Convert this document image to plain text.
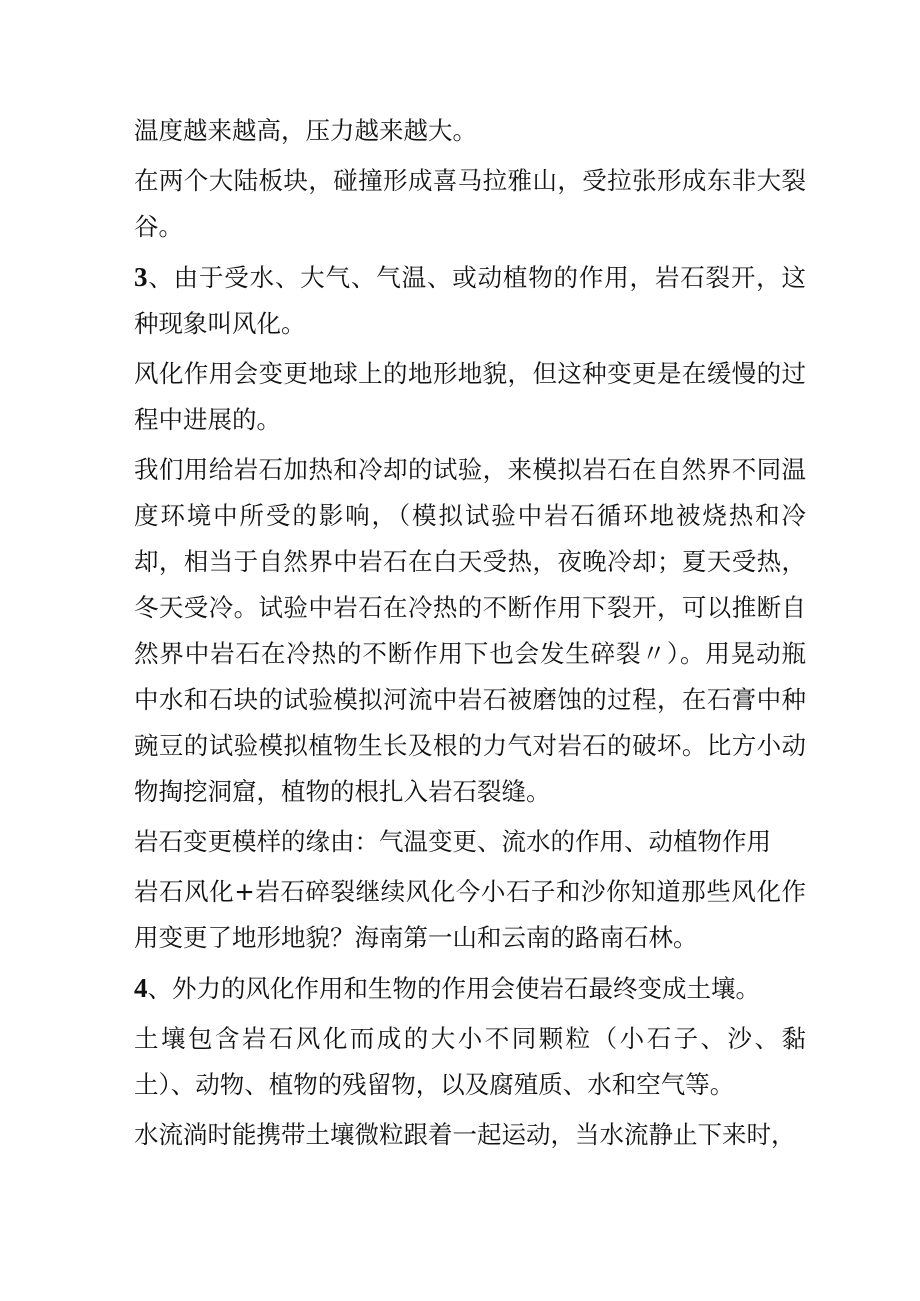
温度越来越高，压力越来越大。

在两个大陆板块，碰撞形成喜马拉雅山，受拉张形成东非大裂谷。

3、由于受水、大气、气温、或动植物的作用，岩石裂开，这种现象叫风化。

风化作用会变更地球上的地形地貌，但这种变更是在缓慢的过程中进展的。

我们用给岩石加热和冷却的试验，来模拟岩石在自然界不同温度环境中所受的影响，（模拟试验中岩石循环地被烧热和冷却，相当于自然界中岩石在白天受热，夜晚冷却；夏天受热，冬天受冷。试验中岩石在冷热的不断作用下裂开，可以推断自然界中岩石在冷热的不断作用下也会发生碎裂〃）。用晃动瓶中水和石块的试验模拟河流中岩石被磨蚀的过程，在石膏中种豌豆的试验模拟植物生长及根的力气对岩石的破坏。比方小动物掏挖洞窟，植物的根扎入岩石裂缝。

岩石变更模样的缘由：气温变更、流水的作用、动植物作用

岩石风化+岩石碎裂继续风化今小石子和沙你知道那些风化作用变更了地形地貌？海南第一山和云南的路南石林。

4、外力的风化作用和生物的作用会使岩石最终变成土壤。

土壤包含岩石风化而成的大小不同颗粒（小石子、沙、黏土）、动物、植物的残留物，以及腐殖质、水和空气等。

水流淌时能携带土壤微粒跟着一起运动，当水流静止下来时，
